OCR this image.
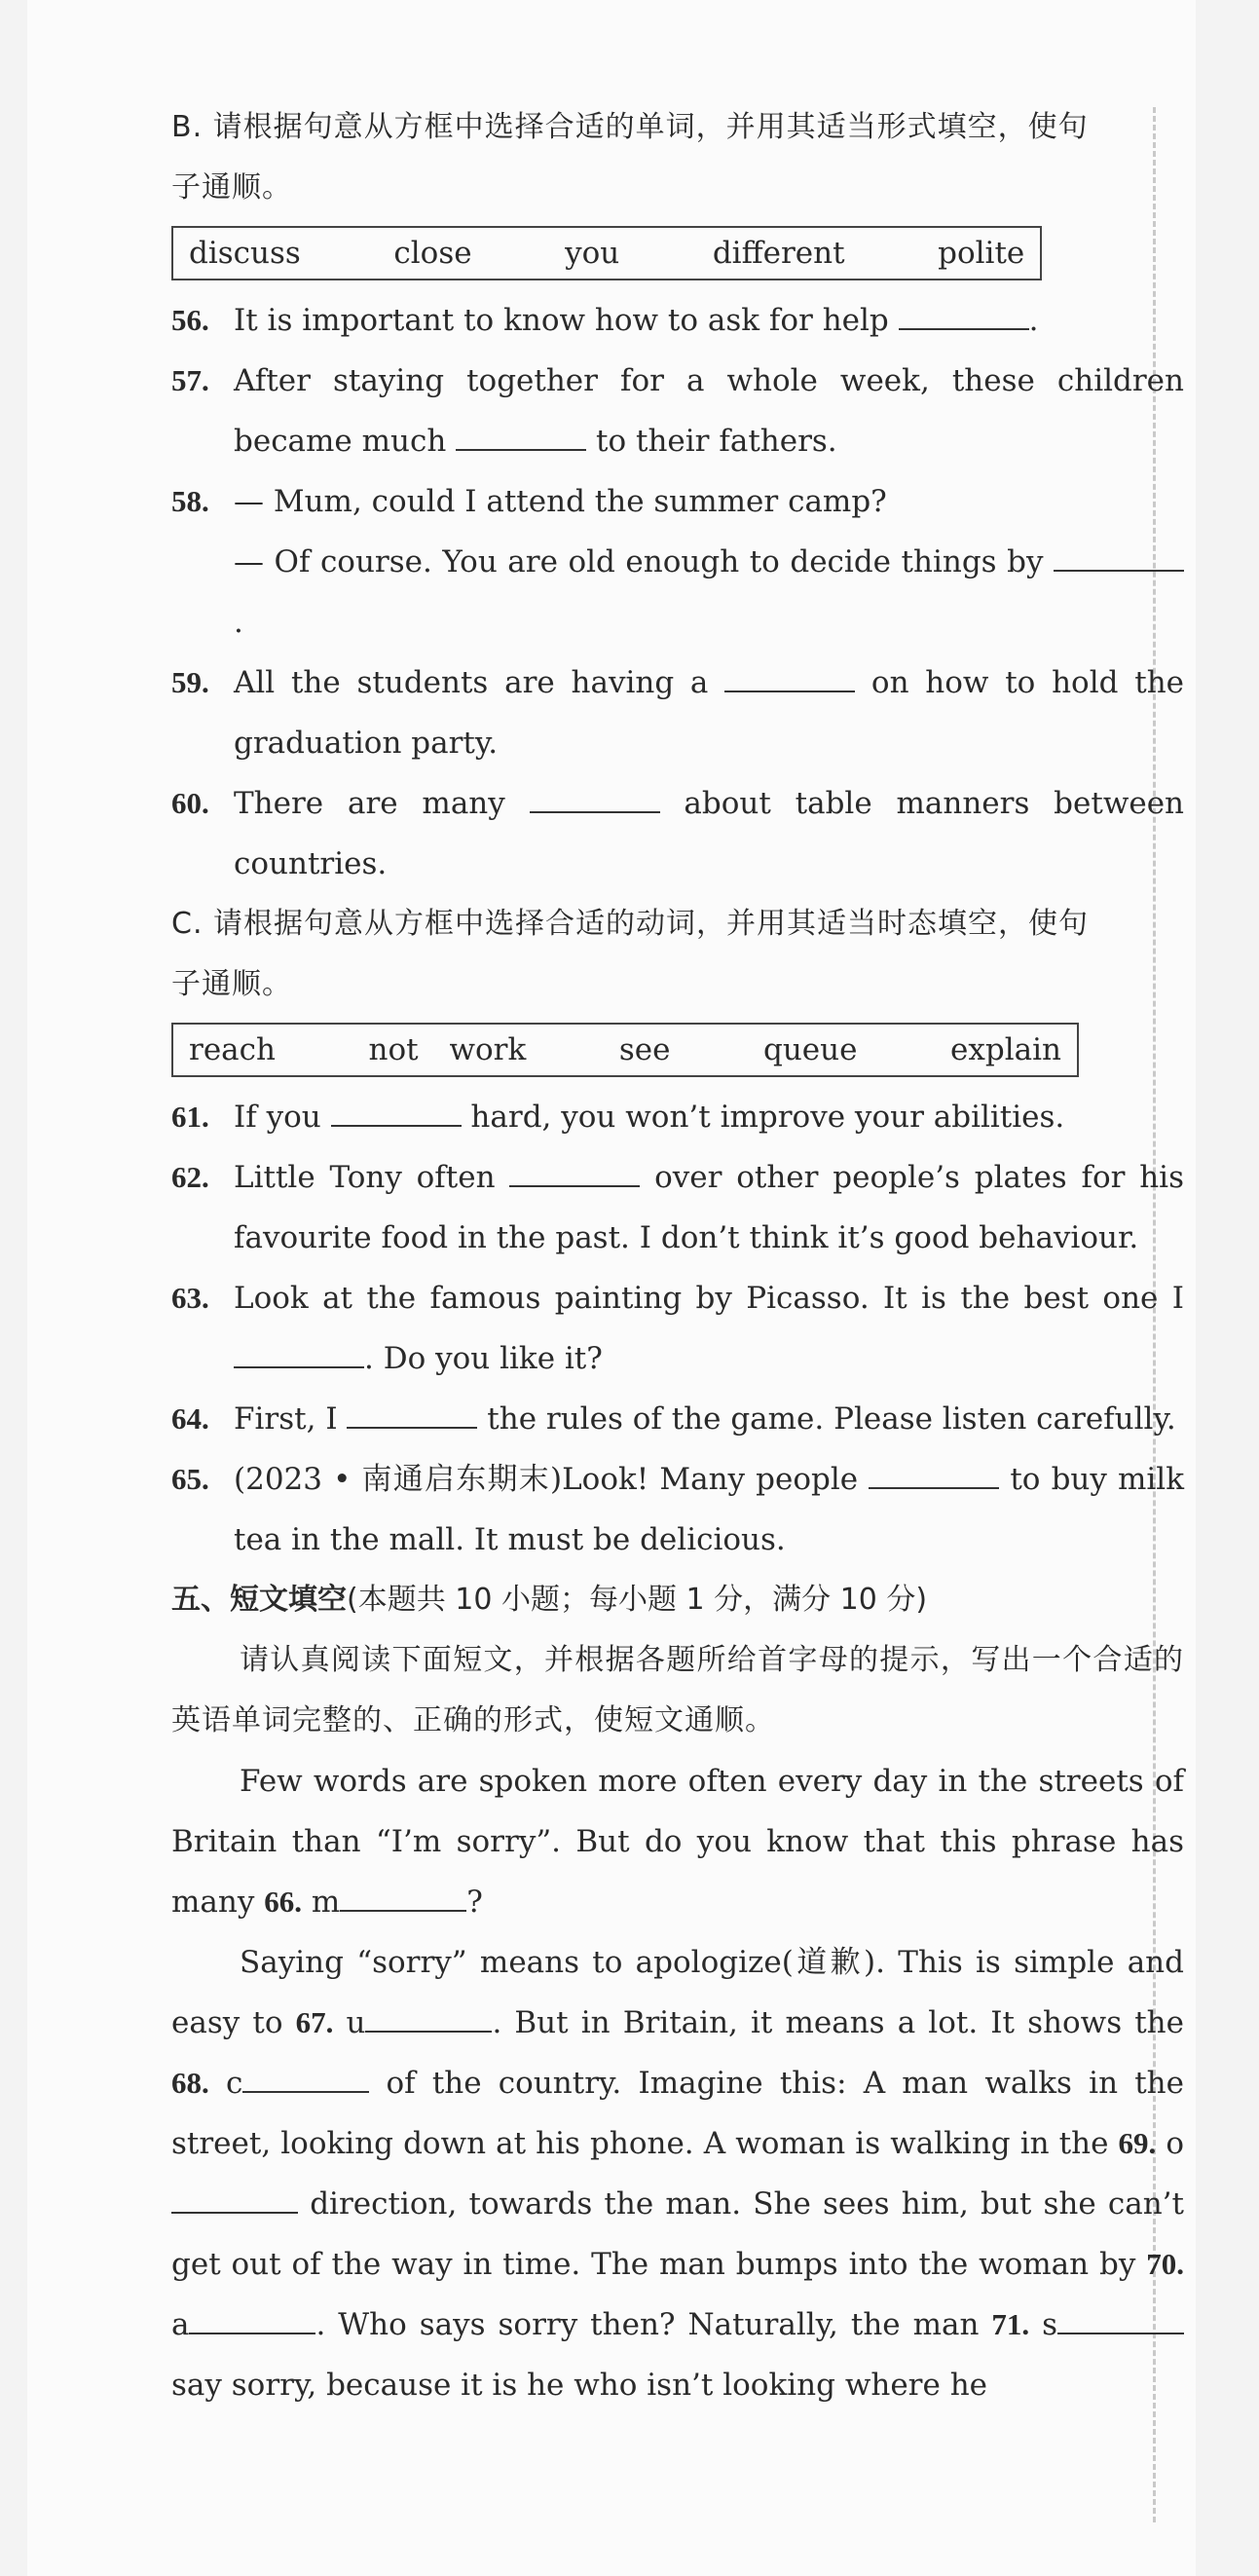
B. 请根据句意从方框中选择合适的单词，并用其适当形式填空，使句
子通顺。

discuss   close   you   different   polite
56. It is important to know how to ask for help	.
57. After staying together for a whole week, these children became much	to their fathers.
58. — Mum, could I attend the summer camp?
— Of course. You are old enough to decide things by .
59. All the students are having a	on how to hold the graduation party.
60. There are many	about table manners between countries.

C. 请根据句意从方框中选择合适的动词，并用其适当时态填空，使句
子通顺。

reach   not work   see   queue   explain
61. If you	hard, you won’t improve your abilities.
62. Little Tony often	over other people’s plates for his favourite food in the past. I don’t think it’s good behaviour.
63. Look at the famous painting by Picasso. It is the best one I . Do you like it?
64. First, I	the rules of the game. Please listen carefully.
65. (2023 • 南通启东期末)Look! Many people	to buy milk tea in the mall. It must be delicious.

五、短文填空(本题共 10 小题；每小题 1 分，满分 10 分)

请认真阅读下面短文，并根据各题所给首字母的提示，写出一个合适的英语单词完整的、正确的形式，使短文通顺。

Few words are spoken more often every day in the streets of Britain than “I’m sorry”. But do you know that this phrase has many 66. m	?

Saying “sorry” means to apologize(道歉). This is simple and easy to 67. u	. But in Britain, it means a lot. It shows the 68. c	of the country. Imagine this: A man walks in the street, looking down at his phone. A woman is walking in the 69. o direction, towards the man. She sees him, but she can’t get out of the way in time. The man bumps into the woman by 70. a	. Who says sorry then? Naturally, the man 71. s say sorry, because it is he who isn’t looking where he
